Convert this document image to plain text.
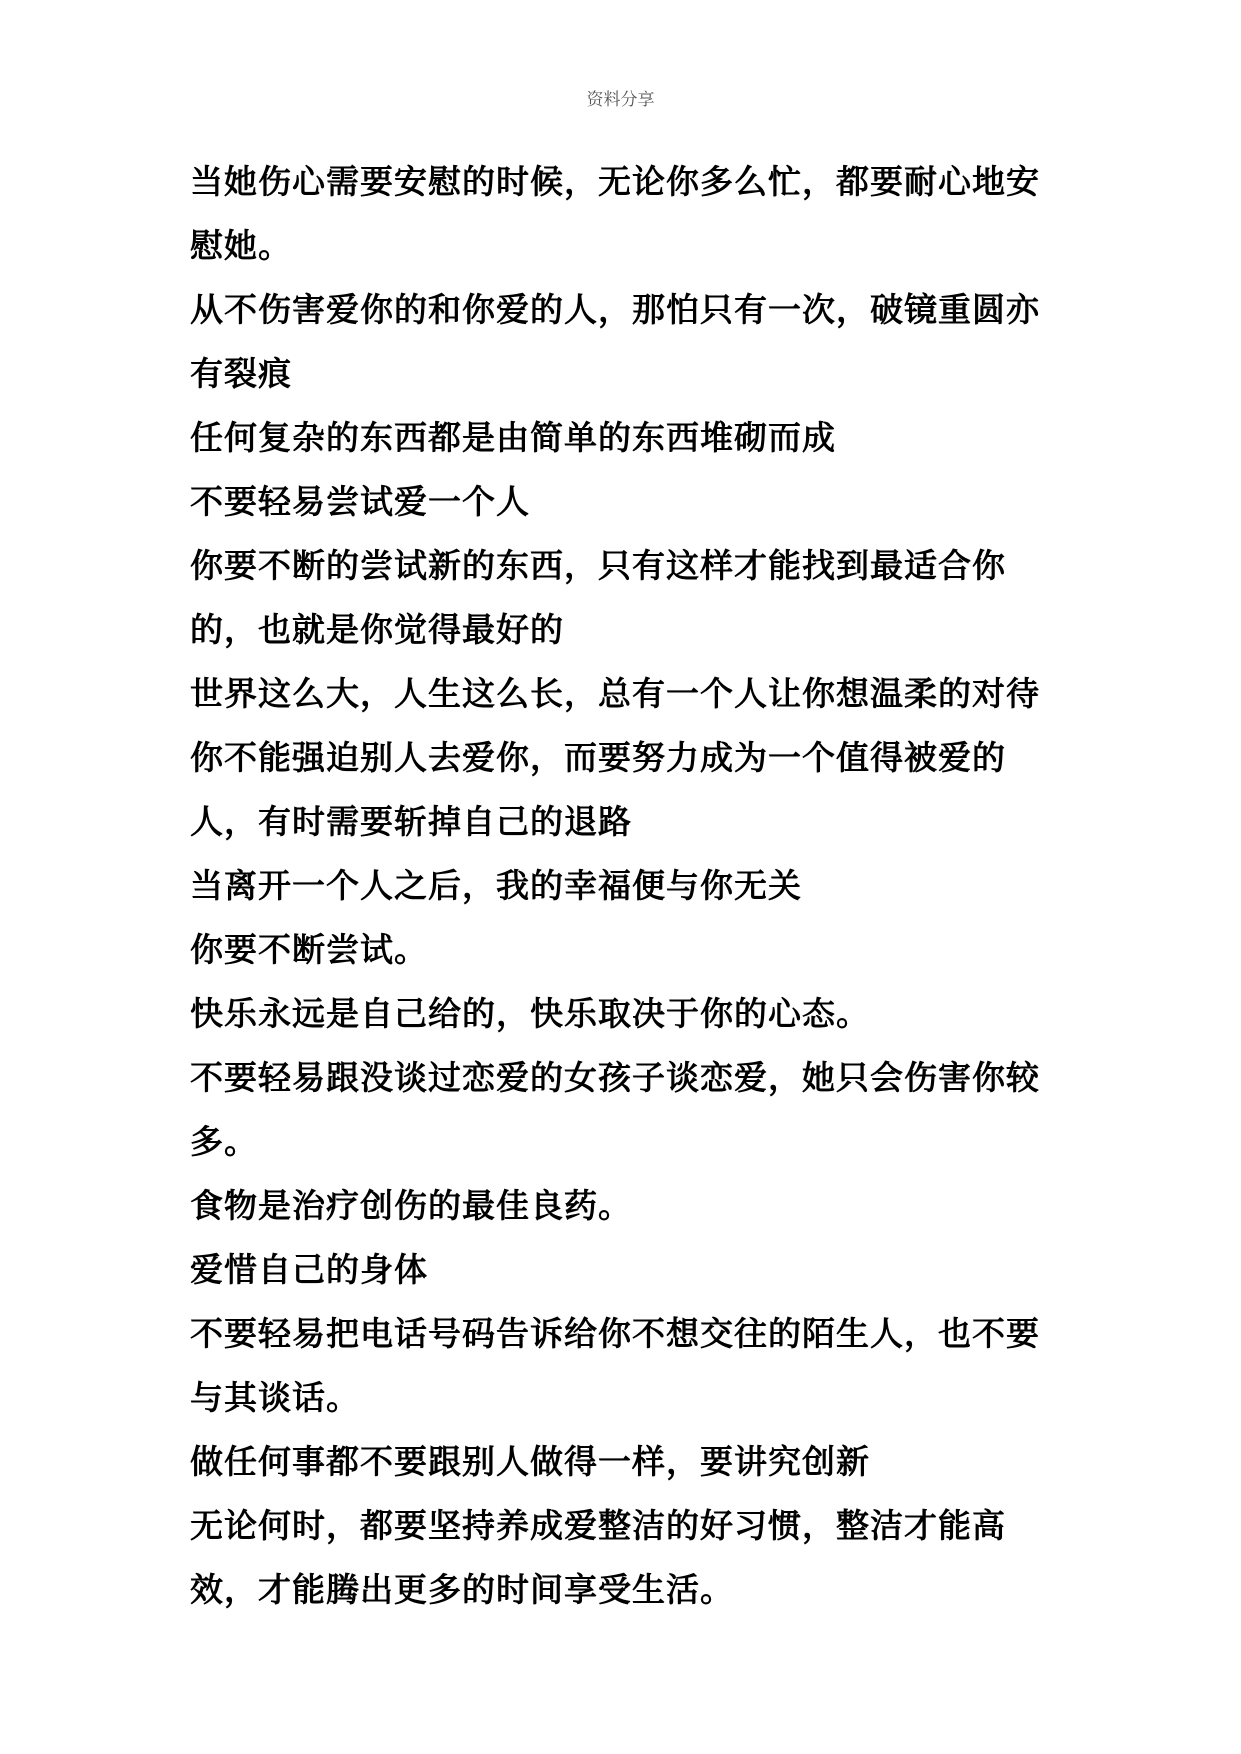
资料分享

当她伤心需要安慰的时候，无论你多么忙，都要耐心地安慰她。

从不伤害爱你的和你爱的人，那怕只有一次，破镜重圆亦有裂痕

任何复杂的东西都是由简单的东西堆砌而成

不要轻易尝试爱一个人

你要不断的尝试新的东西，只有这样才能找到最适合你的，也就是你觉得最好的

世界这么大，人生这么长，总有一个人让你想温柔的对待

你不能强迫别人去爱你，而要努力成为一个值得被爱的人，有时需要斩掉自己的退路

当离开一个人之后，我的幸福便与你无关

你要不断尝试。

快乐永远是自己给的，快乐取决于你的心态。

不要轻易跟没谈过恋爱的女孩子谈恋爱，她只会伤害你较多。

食物是治疗创伤的最佳良药。

爱惜自己的身体

不要轻易把电话号码告诉给你不想交往的陌生人，也不要与其谈话。

做任何事都不要跟别人做得一样，要讲究创新

无论何时，都要坚持养成爱整洁的好习惯，整洁才能高效，才能腾出更多的时间享受生活。
